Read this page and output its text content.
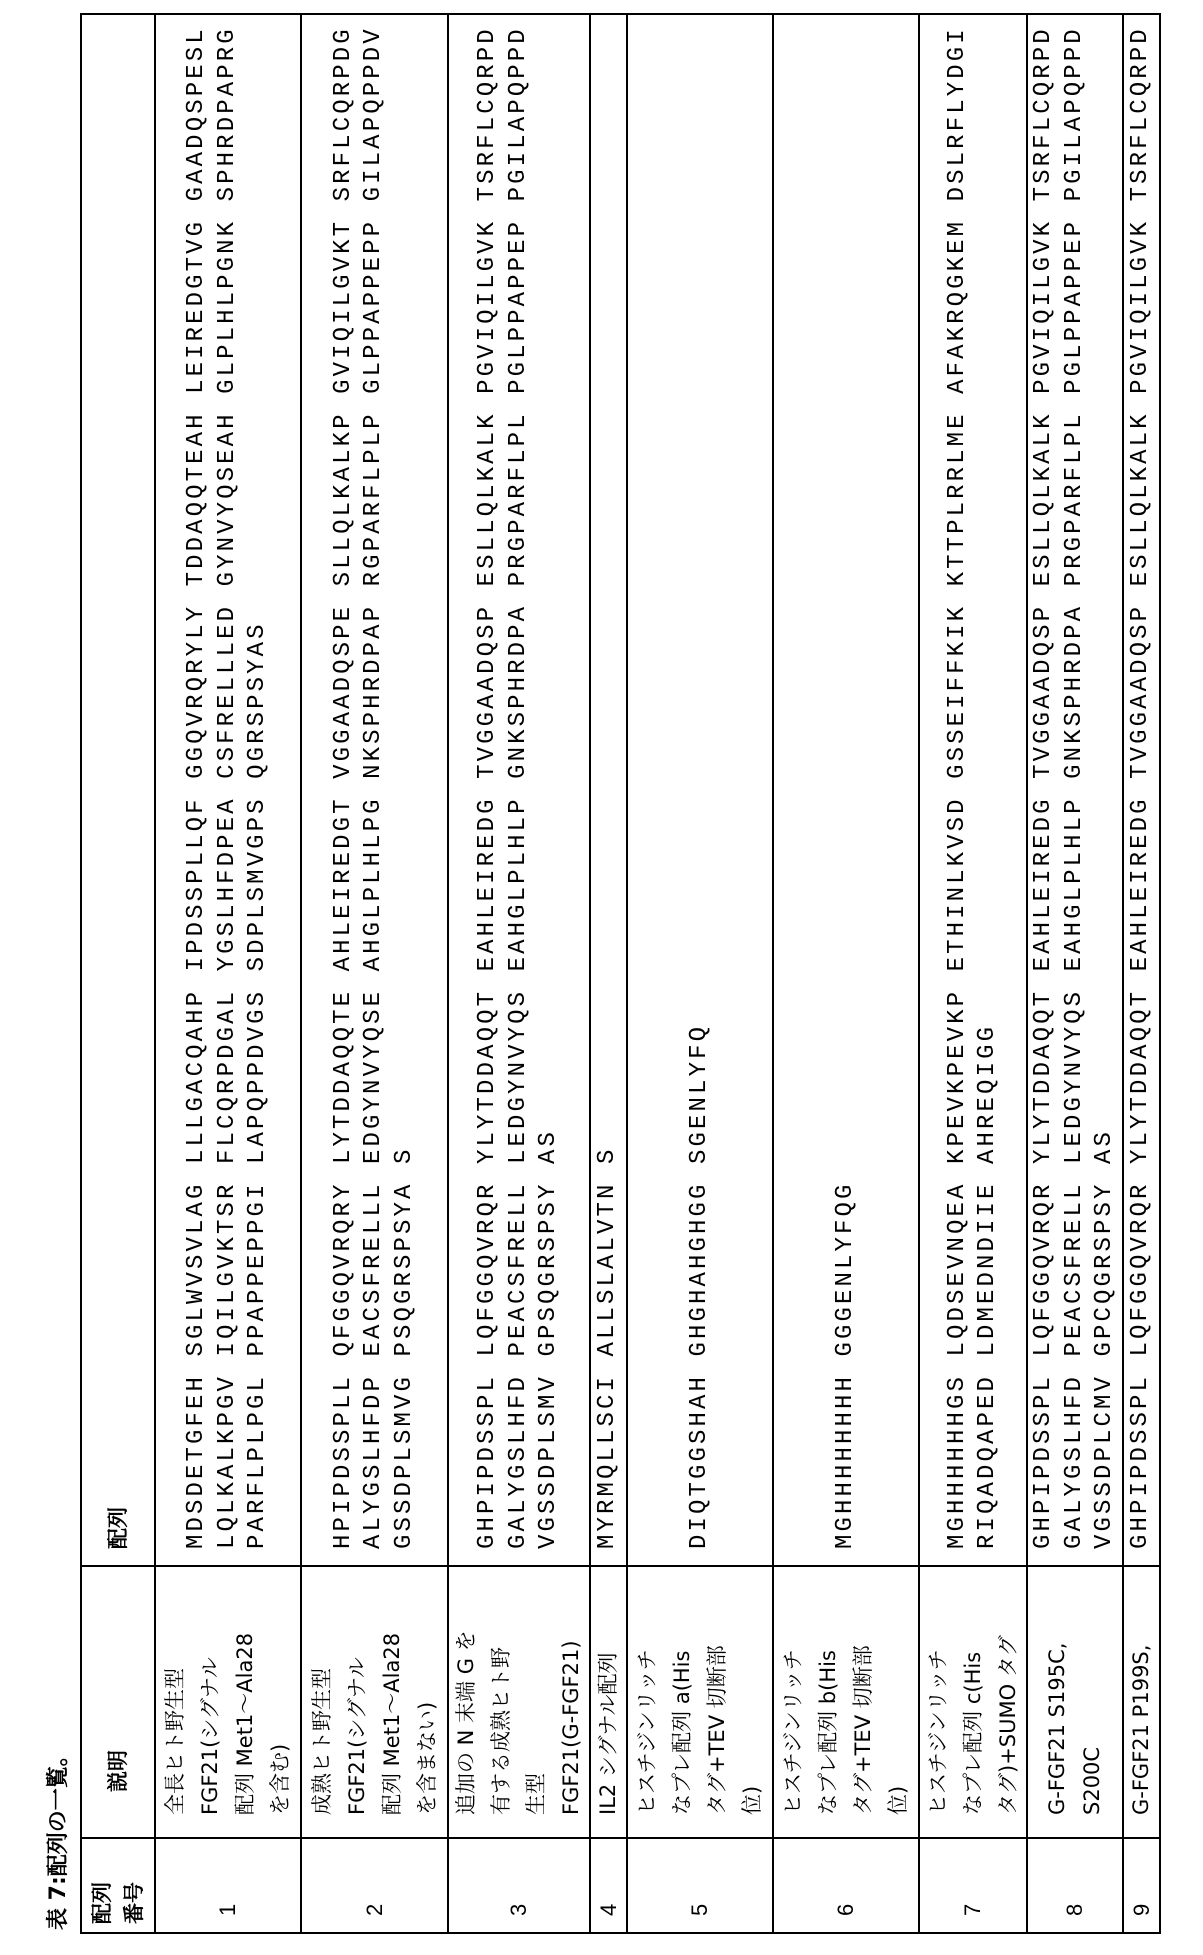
表 7:配列の一覧。 配列 番号

説明

配列

1	
全長ヒト野生型 FGF21(シグナル 配列 Met1～Ala28 を含む)

MDSDETGFEH SGLWVSVLAG LLLGACQAHP IPDSSPLLQF GGQVRQRYLY TDDAQQTEAH LEIREDGTVG GAADQSPESL LQLKALKPGV IQILGVKTSR FLCQRPDGAL YGSLHFDPEA CSFRELLLED GYNVYQSEAH GLPLHLPGNK SPHRDPAPRG PARFLPLPGL PPAPPEPPGI LAPQPPDVGS SDPLSMVGPS QGRSPSYAS

2	
成熟ヒト野生型 FGF21(シグナル 配列 Met1～Ala28 を含まない)

HPIPDSSPLL QFGGQVRQRY LYTDDAQQTE AHLEIREDGT VGGAADQSPE SLLQLKALKP GVIQILGVKT SRFLCQRPDG ALYGSLHFDP EACSFRELLL EDGYNVYQSE AHGLPLHLPG NKSPHRDPAP RGPARFLPLP GLPPAPPEPP GILAPQPPDV GSSDPLSMVG PSQGRSPSYA S

3	
追加の N 末端 G を 有する成熟ヒト野 生型 FGF21(G-FGF21)

GHPIPDSSPL LQFGGQVRQR YLYTDDAQQT EAHLEIREDG TVGGAADQSP ESLLQLKALK PGVIQILGVK TSRFLCQRPD GALYGSLHFD PEACSFRELL LEDGYNVYQS EAHGLPLHLP GNKSPHRDPA PRGPARFLPL PGLPPAPPEP PGILAPQPPD VGSSDPLSMV GPSQGRSPSY AS

4	
IL2 シグナル配列

MYRMQLLSCI ALLSLALVTN S

5	
ヒスチジンリッチ なプレ配列 a(His タグ+TEV 切断部 位)

DIQTGGSHAH GHGHAHGHGG SGENLYFQ

6	
ヒスチジンリッチ なプレ配列 b(His タグ+TEV 切断部 位)

MGHHHHHHHH GGGENLYFQG

7	
ヒスチジンリッチ なプレ配列 c(His タグ)+SUMO タグ

MGHHHHHHGS LQDSEVNQEA KPEVKPEVKP ETHINLKVSD GSSEIFFKIK KTTPLRRLME AFAKRQGKEM DSLRFLYDGI RIQADQAPED LDMEDNDIIE AHREQIGG

8	
G-FGF21 S195C, S200C

GHPIPDSSPL LQFGGQVRQR YLYTDDAQQT EAHLEIREDG TVGGAADQSP ESLLQLKALK PGVIQILGVK TSRFLCQRPD GALYGSLHFD PEACSFRELL LEDGYNVYQS EAHGLPLHLP GNKSPHRDPA PRGPARFLPL PGLPPAPPEP PGILAPQPPD VGSSDPLCMV GPCQGRSPSY AS

9	
G-FGF21 P199S,

GHPIPDSSPL LQFGGQVRQR YLYTDDAQQT EAHLEIREDG TVGGAADQSP ESLLQLKALK PGVIQILGVK TSRFLCQRPD
